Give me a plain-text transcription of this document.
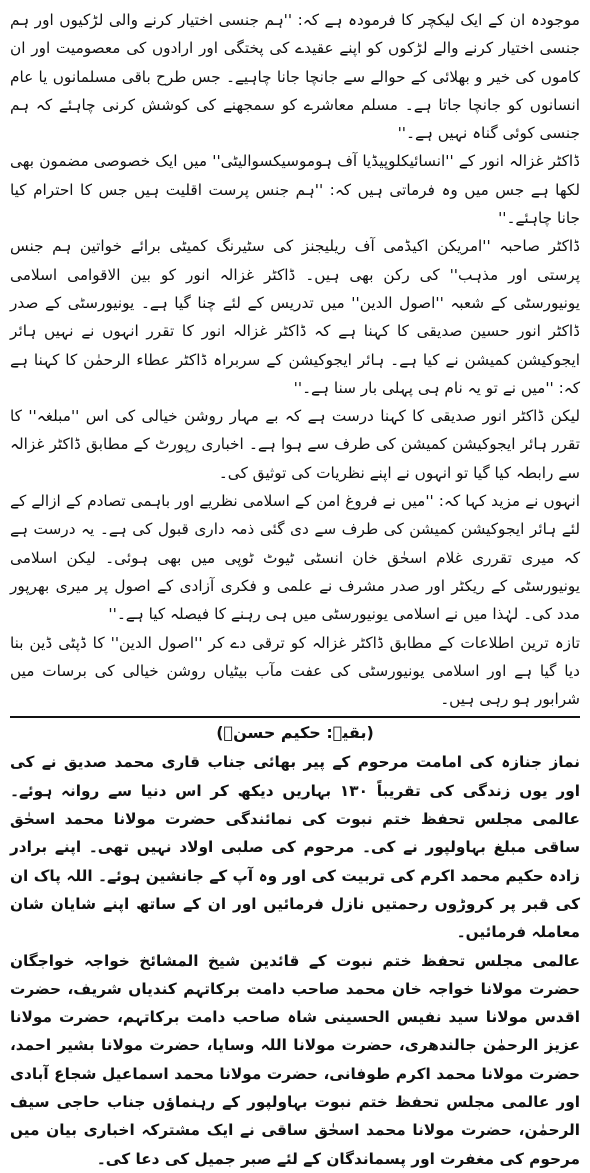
موجودہ ان کے ایک لیکچر کا فرمودہ ہے کہ: ''ہم جنسی اختیار کرنے والی لڑکیوں اور ہم جنسی اختیار کرنے والے لڑکوں کو اپنے عقیدے کی پختگی اور ارادوں کی معصومیت اور ان کاموں کی خیر و بھلائی کے حوالے سے جانچا جانا چاہیے۔ جس طرح باقی مسلمانوں یا عام انسانوں کو جانچا جاتا ہے۔ مسلم معاشرے کو سمجھنے کی کوشش کرنی چاہئے کہ ہم جنسی کوئی گناہ نہیں ہے۔''

ڈاکٹر غزالہ انور کے ''انسائیکلوپیڈیا آف ہوموسیکسوالیٹی'' میں ایک خصوصی مضمون بھی لکھا ہے جس میں وہ فرماتی ہیں کہ: ''ہم جنس پرست اقلیت ہیں جس کا احترام کیا جانا چاہئے۔''

ڈاکٹر صاحبہ ''امریکن اکیڈمی آف ریلیجنز کی سٹیرنگ کمیٹی برائے خواتین ہم جنس پرستی اور مذہب'' کی رکن بھی ہیں۔ ڈاکٹر غزالہ انور کو بین الاقوامی اسلامی یونیورسٹی کے شعبہ ''اصول الدین'' میں تدریس کے لئے چنا گیا ہے۔ یونیورسٹی کے صدر ڈاکٹر انور حسین صدیقی کا کہنا ہے کہ ڈاکٹر غزالہ انور کا تقرر انہوں نے نہیں ہائر ایجوکیشن کمیشن نے کیا ہے۔ ہائر ایجوکیشن کے سربراہ ڈاکٹر عطاء الرحمٰن کا کہنا ہے کہ: ''میں نے تو یہ نام ہی پہلی بار سنا ہے۔''

لیکن ڈاکٹر انور صدیقی کا کہنا درست ہے کہ بے مہار روشن خیالی کی اس ''مبلغہ'' کا تقرر ہائر ایجوکیشن کمیشن کی طرف سے ہوا ہے۔ اخباری رپورٹ کے مطابق ڈاکٹر غزالہ سے رابطہ کیا گیا تو انہوں نے اپنے نظریات کی توثیق کی۔

انہوں نے مزید کہا کہ: ''میں نے فروغ امن کے اسلامی نظریے اور باہمی تصادم کے ازالے کے لئے ہائر ایجوکیشن کمیشن کی طرف سے دی گئی ذمہ داری قبول کی ہے۔ یہ درست ہے کہ میری تقرری غلام اسحٰق خان انسٹی ٹیوٹ ٹوپی میں بھی ہوئی۔ لیکن اسلامی یونیورسٹی کے ریکٹر اور صدر مشرف نے علمی و فکری آزادی کے اصول پر میری بھرپور مدد کی۔ لہٰذا میں نے اسلامی یونیورسٹی میں ہی رہنے کا فیصلہ کیا ہے۔''

تازہ ترین اطلاعات کے مطابق ڈاکٹر غزالہ کو ترقی دے کر ''اصول الدین'' کا ڈپٹی ڈین بنا دیا گیا ہے اور اسلامی یونیورسٹی کی عفت مآب بیٹیاں روشن خیالی کی برسات میں شرابور ہو رہی ہیں۔

(بقیہ: حکیم حسنؒ)

نماز جنازہ کی امامت مرحوم کے پیر بھائی جناب قاری محمد صدیق نے کی اور یوں زندگی کی تقریباً ۱۳۰ بہاریں دیکھ کر اس دنیا سے روانہ ہوئے۔ عالمی مجلس تحفظ ختم نبوت کی نمائندگی حضرت مولانا محمد اسحٰق ساقی مبلغ بہاولپور نے کی۔ مرحوم کی صلبی اولاد نہیں تھی۔ اپنے برادر زادہ حکیم محمد اکرم کی تربیت کی اور وہ آپ کے جانشین ہوئے۔ اللہ پاک ان کی قبر پر کروڑوں رحمتیں نازل فرمائیں اور ان کے ساتھ اپنے شایان شان معاملہ فرمائیں۔

عالمی مجلس تحفظ ختم نبوت کے قائدین شیخ المشائخ خواجہ خواجگان حضرت مولانا خواجہ خان محمد صاحب دامت برکاتہم کندیاں شریف، حضرت اقدس مولانا سید نفیس الحسینی شاہ صاحب دامت برکاتہم، حضرت مولانا عزیز الرحمٰن جالندھری، حضرت مولانا اللہ وسایا، حضرت مولانا بشیر احمد، حضرت مولانا محمد اکرم طوفانی، حضرت مولانا محمد اسماعیل شجاع آبادی اور عالمی مجلس تحفظ ختم نبوت بہاولپور کے رہنماؤں جناب حاجی سیف الرحمٰن، حضرت مولانا محمد اسحٰق ساقی نے ایک مشترکہ اخباری بیان میں مرحوم کی مغفرت اور پسماندگان کے لئے صبر جمیل کی دعا کی۔
